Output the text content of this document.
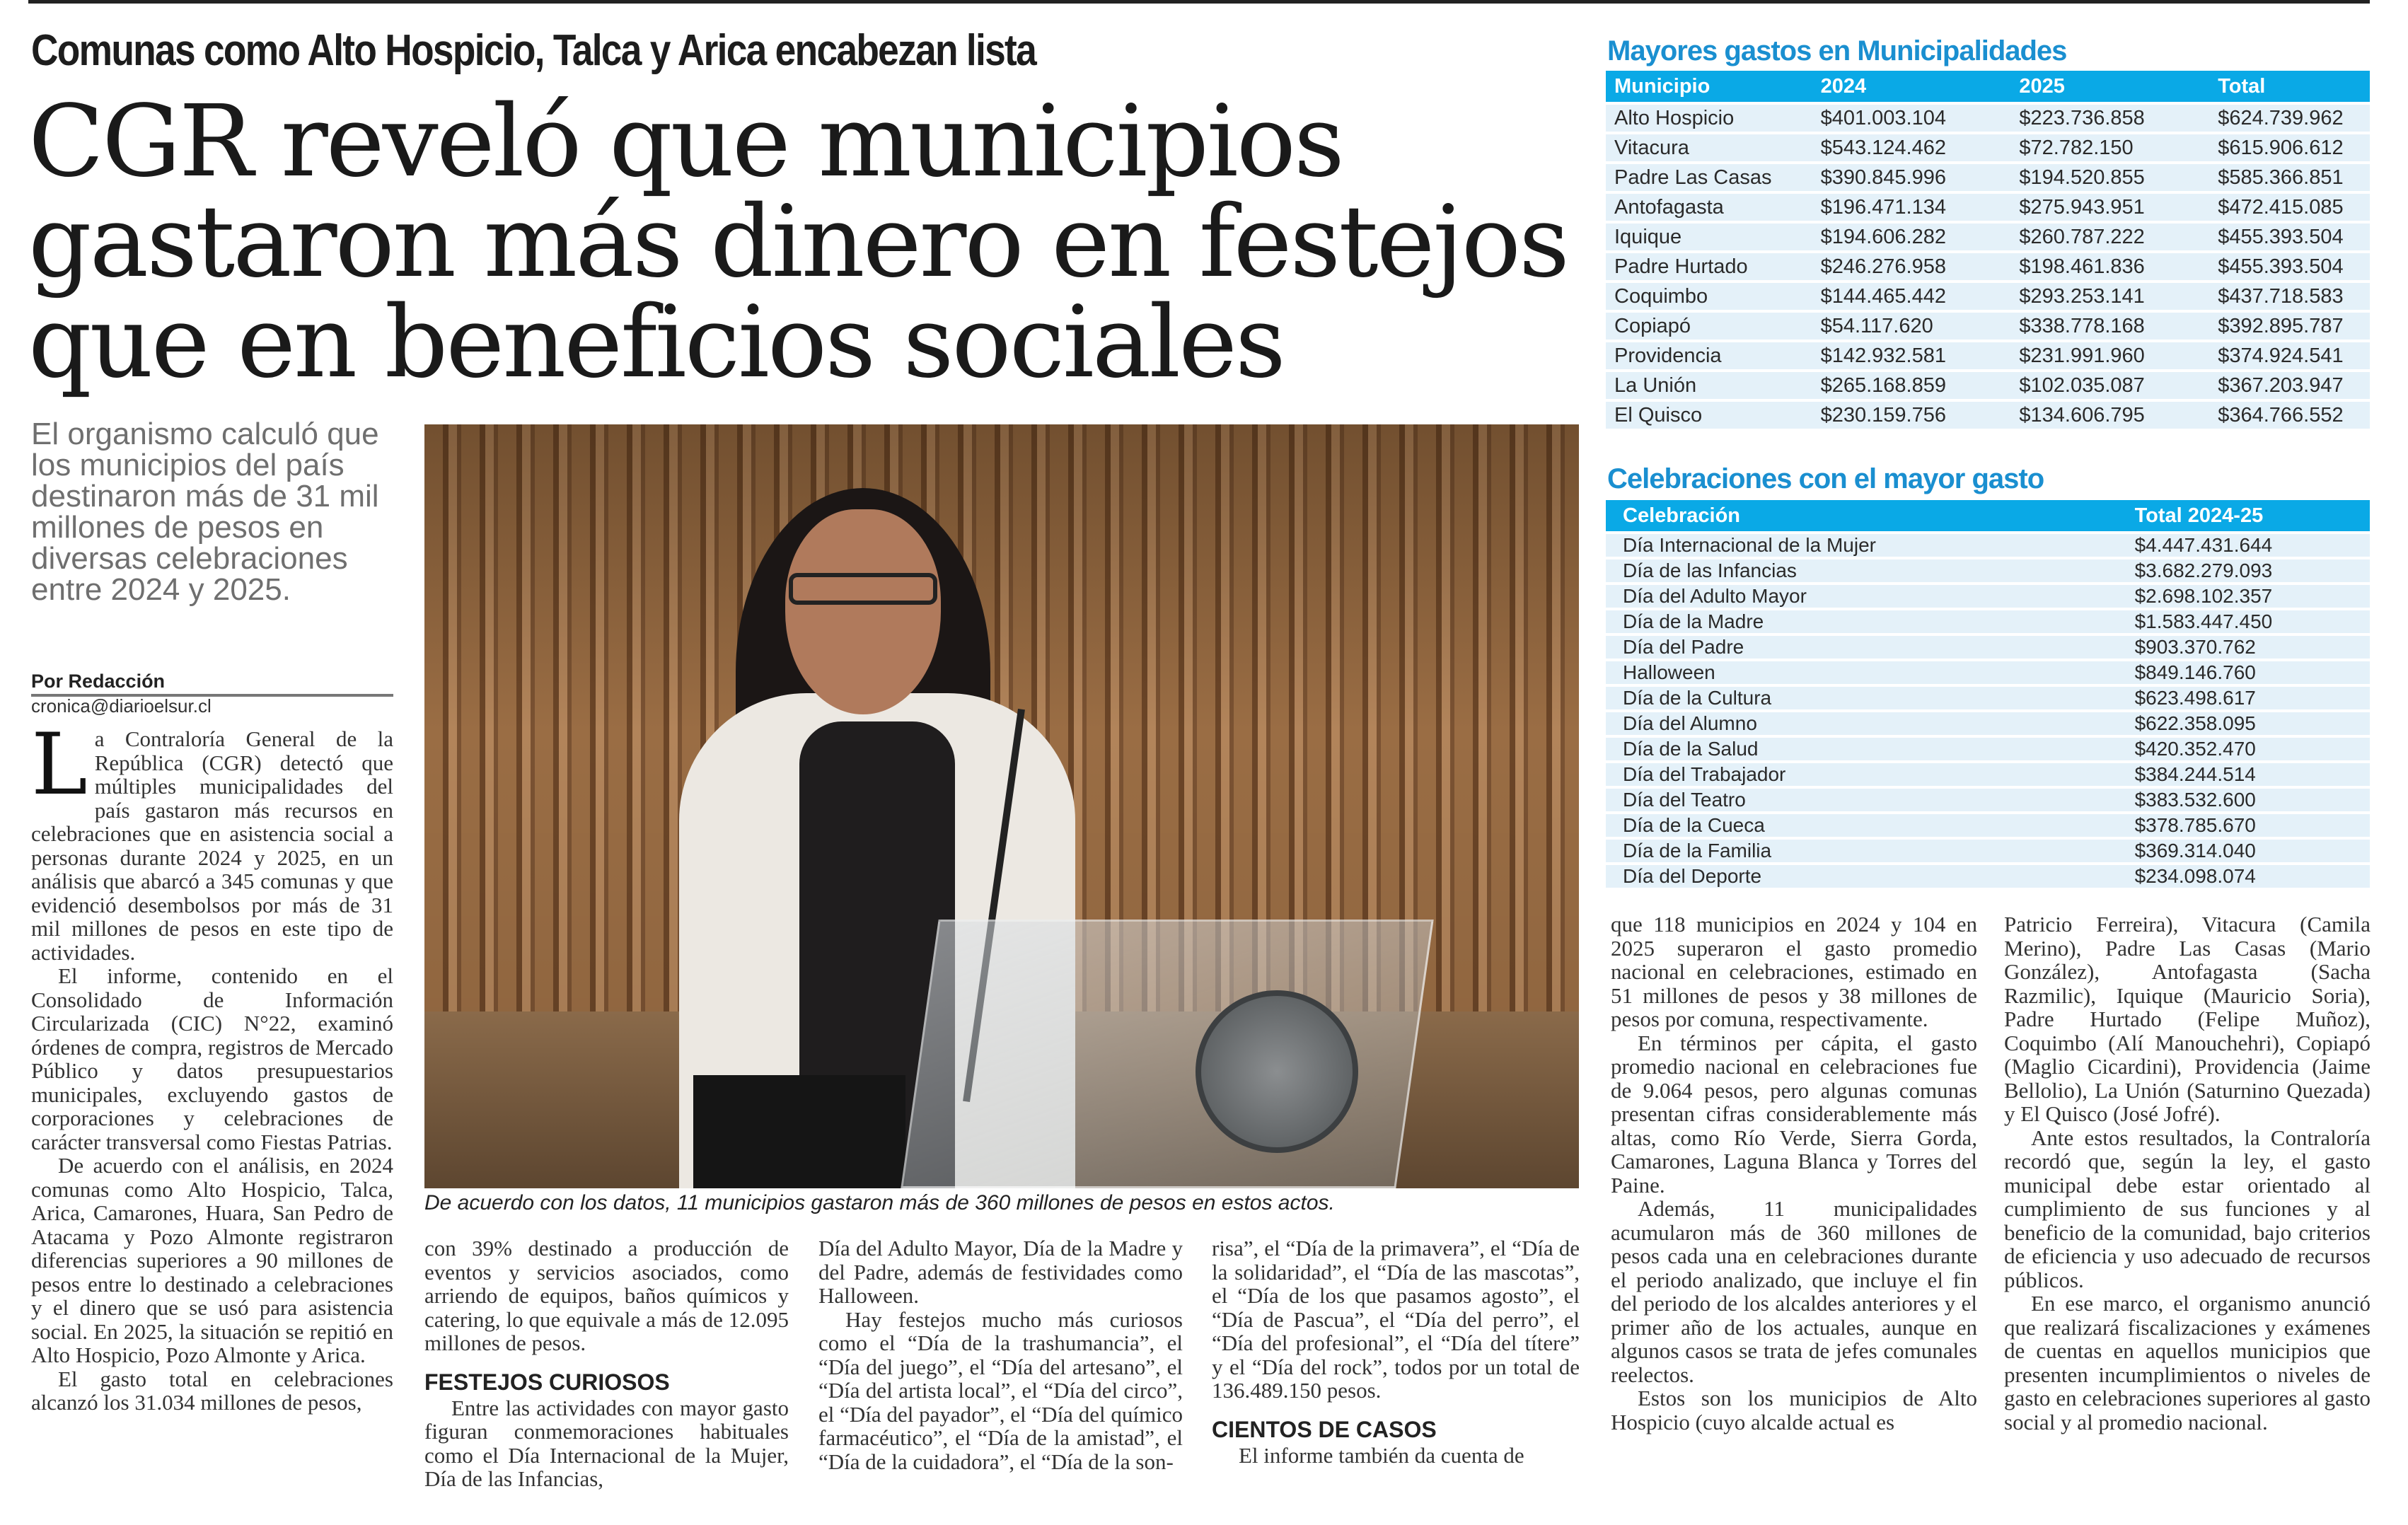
Comunas como Alto Hospicio, Talca y Arica encabezan lista
CGR reveló que municipios
gastaron más dinero en festejos
que en beneficios sociales
El organismo calculó que los municipios del país destinaron más de 31 mil millones de pesos en diversas celebraciones entre 2024 y 2025.
Por Redacción
cronica@diarioelsur.cl

La Contraloría General de la República (CGR) detectó que múltiples municipalidades del país gastaron más recursos en celebraciones que en asistencia social a personas durante 2024 y 2025, en un análisis que abarcó a 345 comunas y que evidenció desembolsos por más de 31 mil millones de pesos en este tipo de actividades.

El informe, contenido en el Consolidado de Información Circularizada (CIC) N°22, examinó órdenes de compra, registros de Mercado Público y datos presupuestarios municipales, excluyendo gastos de corporaciones y celebraciones de carácter transversal como Fiestas Patrias.

De acuerdo con el análisis, en 2024 comunas como Alto Hospicio, Talca, Arica, Camarones, Huara, San Pedro de Atacama y Pozo Almonte registraron diferencias superiores a 90 millones de pesos entre lo destinado a celebraciones y el dinero que se usó para asistencia social. En 2025, la situación se repitió en Alto Hospicio, Pozo Almonte y Arica.

El gasto total en celebraciones alcanzó los 31.034 millones de pesos,

De acuerdo con los datos, 11 municipios gastaron más de 360 millones de pesos en estos actos.

con 39% destinado a producción de eventos y servicios asociados, como arriendo de equipos, baños químicos y catering, lo que equivale a más de 12.095 millones de pesos.

FESTEJOS CURIOSOS

Entre las actividades con mayor gasto figuran conmemoraciones habituales como el Día Internacional de la Mujer, Día de las Infancias,

Día del Adulto Mayor, Día de la Madre y del Padre, además de festividades como Halloween.

Hay festejos mucho más curiosos como el “Día de la trashumancia”, el “Día del juego”, el “Día del artesano”, el “Día del artista local”, el “Día del circo”, el “Día del payador”, el “Día del químico farmacéutico”, el “Día de la amistad”, el “Día de la cuidadora”, el “Día de la son-

risa”, el “Día de la primavera”, el “Día de la solidaridad”, el “Día de las mascotas”, el “Día de los que pasamos agosto”, el “Día de Pascua”, el “Día del perro”, el “Día del profesional”, el “Día del títere” y el “Día del rock”, todos por un total de 136.489.150 pesos.

CIENTOS DE CASOS

El informe también da cuenta de

que 118 municipios en 2024 y 104 en 2025 superaron el gasto promedio nacional en celebraciones, estimado en 51 millones de pesos y 38 millones de pesos por comuna, respectivamente.

En términos per cápita, el gasto promedio nacional en celebraciones fue de 9.064 pesos, pero algunas comunas presentan cifras considerablemente más altas, como Río Verde, Sierra Gorda, Camarones, Laguna Blanca y Torres del Paine.

Además, 11 municipalidades acumularon más de 360 millones de pesos cada una en celebraciones durante el periodo analizado, que incluye el fin del periodo de los alcaldes anteriores y el primer año de los actuales, aunque en algunos casos se trata de jefes comunales reelectos.

Estos son los municipios de Alto Hospicio (cuyo alcalde actual es

Patricio Ferreira), Vitacura (Camila Merino), Padre Las Casas (Mario González), Antofagasta (Sacha Razmilic), Iquique (Mauricio Soria), Padre Hurtado (Felipe Muñoz), Coquimbo (Alí Manouchehri), Copiapó (Maglio Cicardini), Providencia (Jaime Bellolio), La Unión (Saturnino Quezada) y El Quisco (José Jofré).

Ante estos resultados, la Contraloría recordó que, según la ley, el gasto municipal debe estar orientado al cumplimiento de sus funciones y al beneficio de la comunidad, bajo criterios de eficiencia y uso adecuado de recursos públicos.

En ese marco, el organismo anunció que realizará fiscalizaciones y exámenes de cuentas en aquellos municipios que presenten incumplimientos o niveles de gasto en celebraciones superiores al gasto social y al promedio nacional.

Mayores gastos en Municipalidades
Municipio	2024	2025	Total
Alto Hospicio	$401.003.104	$223.736.858	$624.739.962
Vitacura	$543.124.462	$72.782.150	$615.906.612
Padre Las Casas	$390.845.996	$194.520.855	$585.366.851
Antofagasta	$196.471.134	$275.943.951	$472.415.085
Iquique	$194.606.282	$260.787.222	$455.393.504
Padre Hurtado	$246.276.958	$198.461.836	$455.393.504
Coquimbo	$144.465.442	$293.253.141	$437.718.583
Copiapó	$54.117.620	$338.778.168	$392.895.787
Providencia	$142.932.581	$231.991.960	$374.924.541
La Unión	$265.168.859	$102.035.087	$367.203.947
El Quisco	$230.159.756	$134.606.795	$364.766.552
Celebraciones con el mayor gasto
Celebración	Total 2024-25
Día Internacional de la Mujer	$4.447.431.644
Día de las Infancias	$3.682.279.093
Día del Adulto Mayor	$2.698.102.357
Día de la Madre	$1.583.447.450
Día del Padre	$903.370.762
Halloween	$849.146.760
Día de la Cultura	$623.498.617
Día del Alumno	$622.358.095
Día de la Salud	$420.352.470
Día del Trabajador	$384.244.514
Día del Teatro	$383.532.600
Día de la Cueca	$378.785.670
Día de la Familia	$369.314.040
Día del Deporte	$234.098.074
